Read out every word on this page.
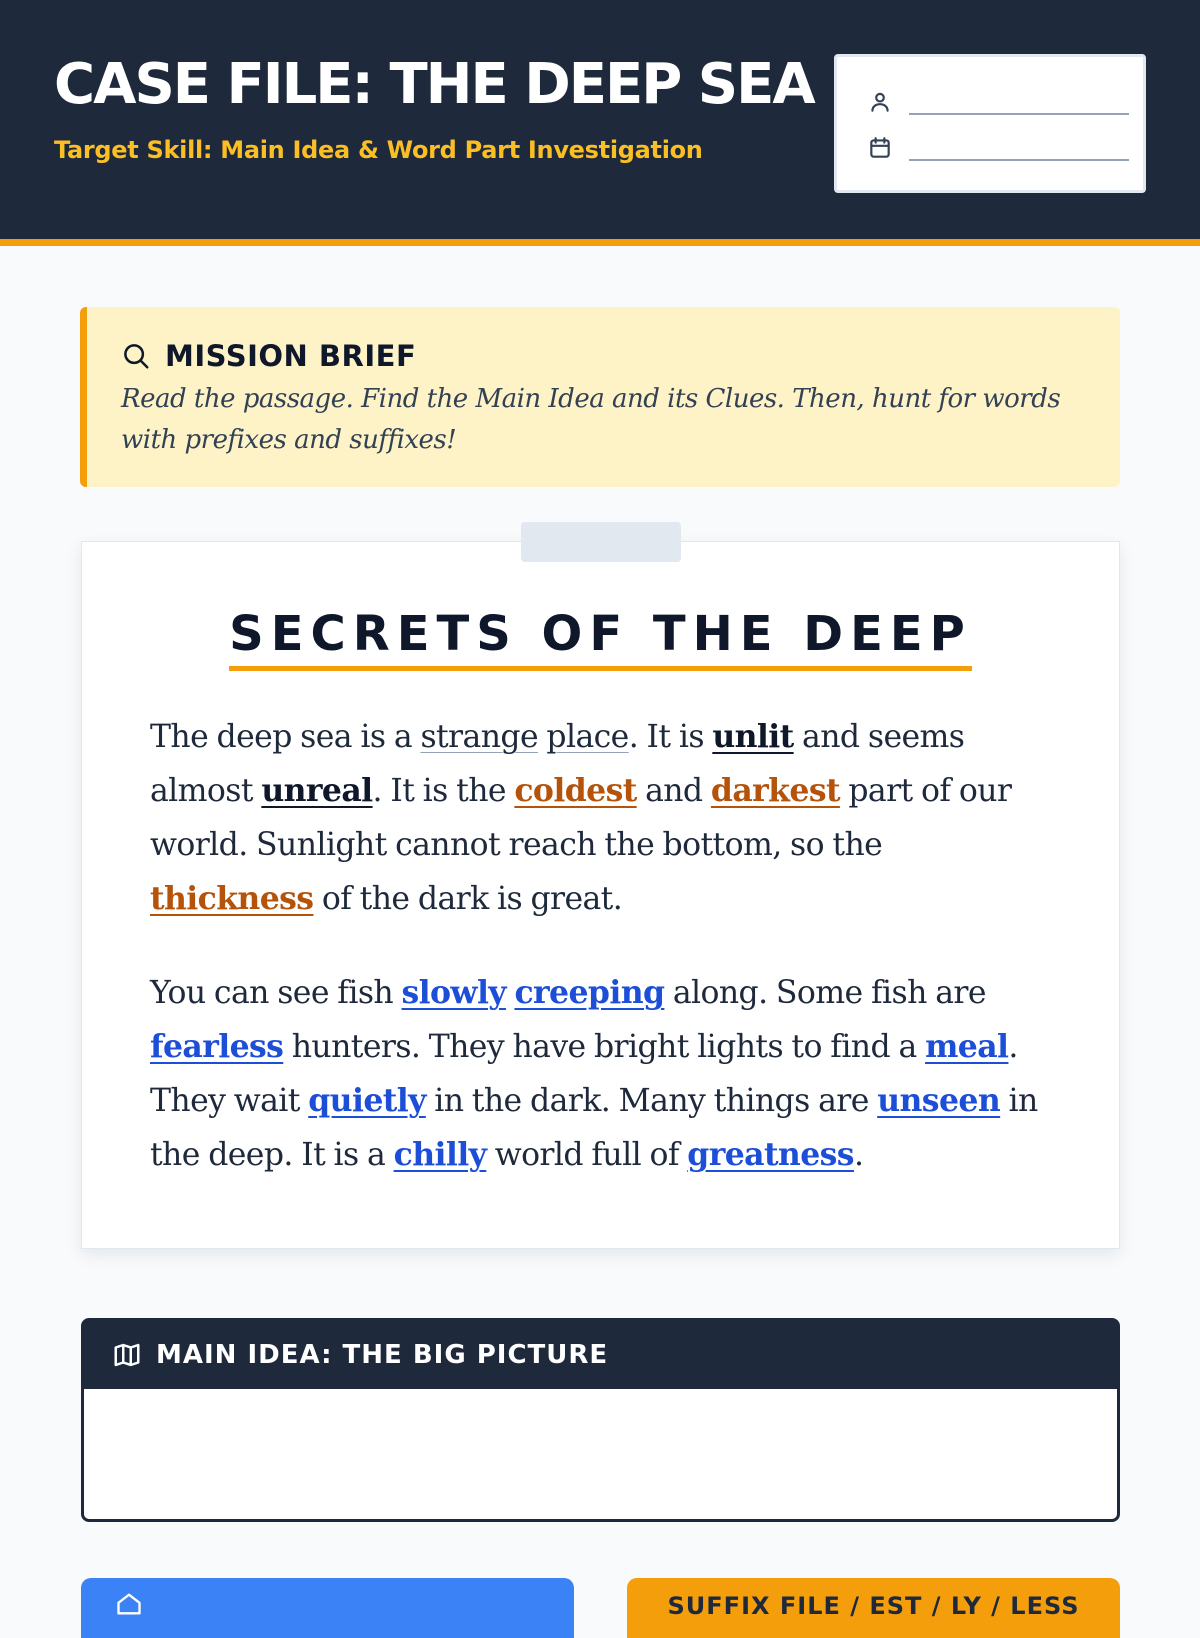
CASE FILE: THE DEEP SEA
Target Skill: Main Idea & Word Part Investigation
MISSION BRIEF
Read the passage. Find the Main Idea and its Clues. Then, hunt for words with prefixes and suffixes!
SECRETS OF THE DEEP

The deep sea is a strange place. It is unlit and seems almost unreal. It is the coldest and darkest part of our world. Sunlight cannot reach the bottom, so the thickness of the dark is great.

You can see fish slowly creeping along. Some fish are fearless hunters. They have bright lights to find a meal. They wait quietly in the dark. Many things are unseen in the deep. It is a chilly world full of greatness.

MAIN IDEA: THE BIG PICTURE
SUFFIX FILE / EST / LY / LESS
